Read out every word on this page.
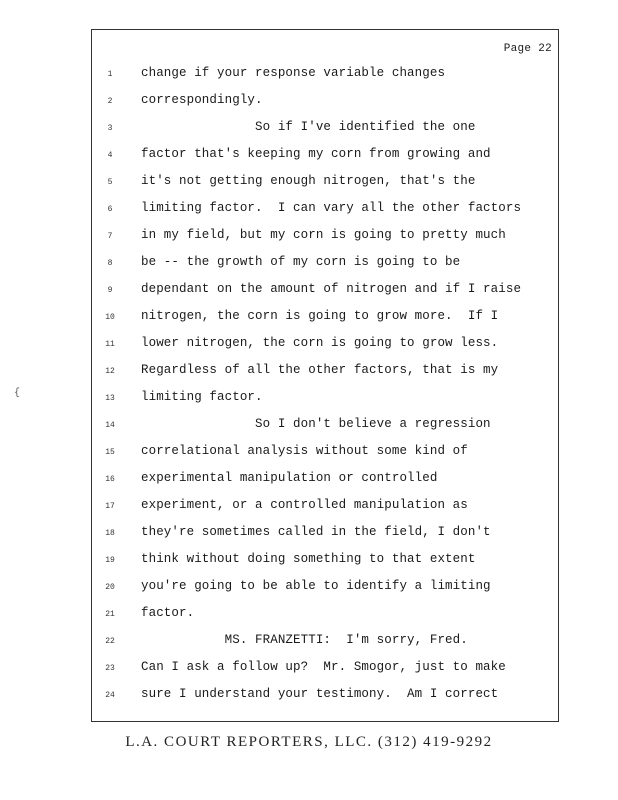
Page 22
1 change if your response variable changes
2 correspondingly.
3 So if I've identified the one
4 factor that's keeping my corn from growing and
5 it's not getting enough nitrogen, that's the
6 limiting factor.  I can vary all the other factors
7 in my field, but my corn is going to pretty much
8 be -- the growth of my corn is going to be
9 dependant on the amount of nitrogen and if I raise
10 nitrogen, the corn is going to grow more.  If I
11 lower nitrogen, the corn is going to grow less.
12 Regardless of all the other factors, that is my
13 limiting factor.
14 So I don't believe a regression
15 correlational analysis without some kind of
16 experimental manipulation or controlled
17 experiment, or a controlled manipulation as
18 they're sometimes called in the field, I don't
19 think without doing something to that extent
20 you're going to be able to identify a limiting
21 factor.
22 MS. FRANZETTI:  I'm sorry, Fred.
23 Can I ask a follow up?  Mr. Smogor, just to make
24 sure I understand your testimony.  Am I correct
{
L.A. COURT REPORTERS, LLC. (312) 419-9292
